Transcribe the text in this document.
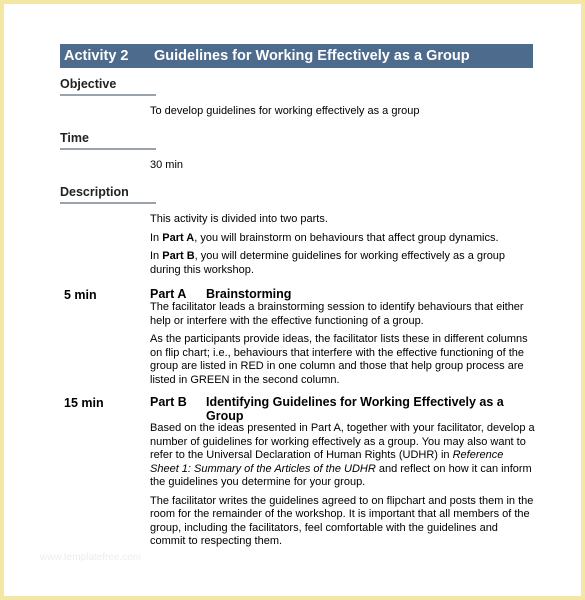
Activity 2 Guidelines for Working Effectively as a Group
Objective

To develop guidelines for working effectively as a group

Time

30 min

Description

This activity is divided into two parts.

In Part A, you will brainstorm on behaviours that affect group dynamics.

In Part B, you will determine guidelines for working effectively as a group during this workshop.

5 min	Part A Brainstorming

The facilitator leads a brainstorming session to identify behaviours that either help or interfere with the effective functioning of a group.

As the participants provide ideas, the facilitator lists these in different columns on flip chart; i.e., behaviours that interfere with the effective functioning of the group are listed in RED in one column and those that help group process are listed in GREEN in the second column.

15 min	Part B Identifying Guidelines for Working Effectively as a Group

Based on the ideas presented in Part A, together with your facilitator, develop a number of guidelines for working effectively as a group. You may also want to refer to the Universal Declaration of Human Rights (UDHR) in Reference Sheet 1: Summary of the Articles of the UDHR and reflect on how it can inform the guidelines you determine for your group.

The facilitator writes the guidelines agreed to on flipchart and posts them in the room for the remainder of the workshop. It is important that all members of the group, including the facilitators, feel comfortable with the guidelines and commit to respecting them.

www.templatefree.com
